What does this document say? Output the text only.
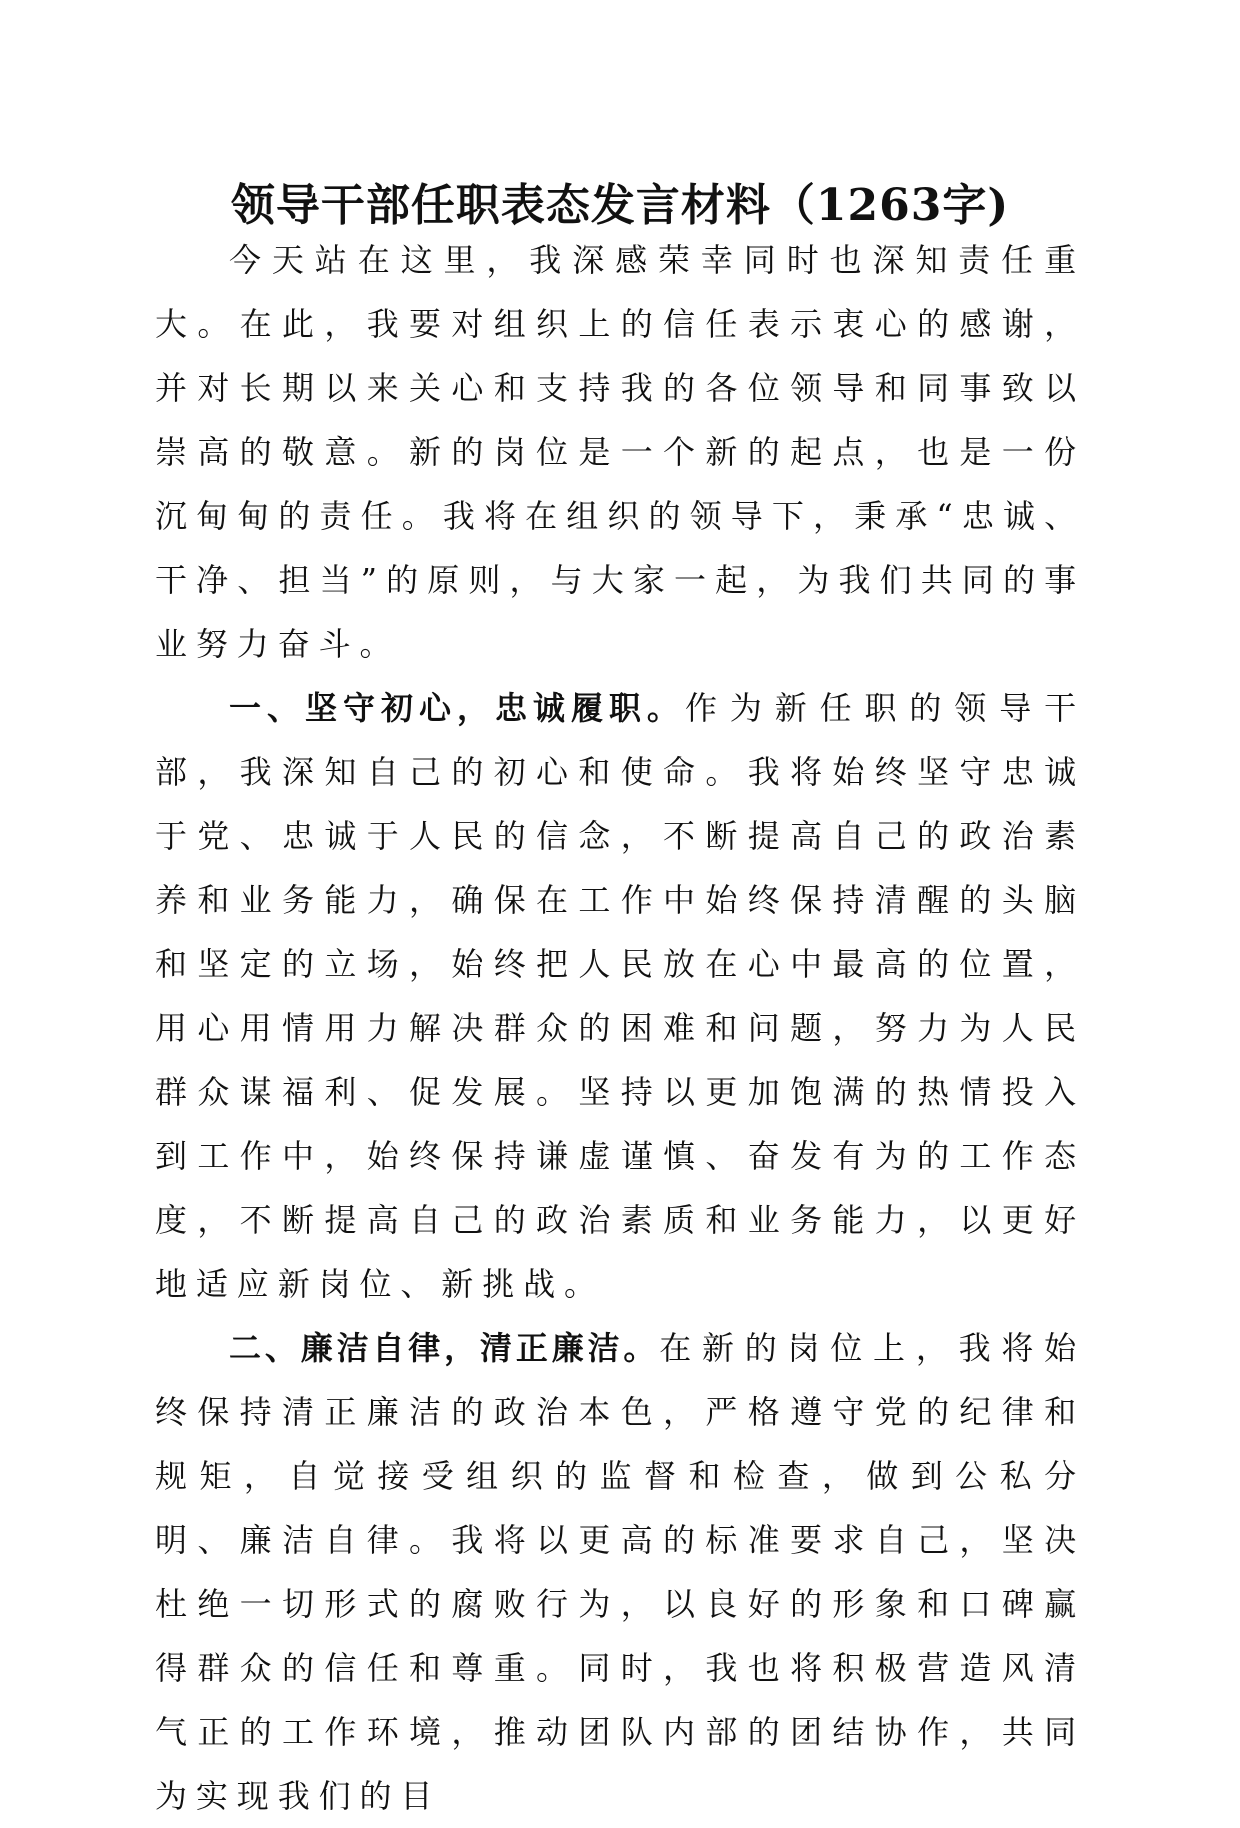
领导干部任职表态发言材料（1263字)

今天站在这里，我深感荣幸同时也深知责任重大。在此，我要对组织上的信任表示衷心的感谢，并对长期以来关心和支持我的各位领导和同事致以崇高的敬意。新的岗位是一个新的起点，也是一份沉甸甸的责任。我将在组织的领导下，秉承“忠诚、干净、担当”的原则，与大家一起，为我们共同的事业努力奋斗。

一、坚守初心，忠诚履职。作为新任职的领导干部，我深知自己的初心和使命。我将始终坚守忠诚于党、忠诚于人民的信念，不断提高自己的政治素养和业务能力，确保在工作中始终保持清醒的头脑和坚定的立场，始终把人民放在心中最高的位置，用心用情用力解决群众的困难和问题，努力为人民群众谋福利、促发展。坚持以更加饱满的热情投入到工作中，始终保持谦虚谨慎、奋发有为的工作态度，不断提高自己的政治素质和业务能力，以更好地适应新岗位、新挑战。

二、廉洁自律，清正廉洁。在新的岗位上，我将始终保持清正廉洁的政治本色，严格遵守党的纪律和规矩，自觉接受组织的监督和检查，做到公私分明、廉洁自律。我将以更高的标准要求自己，坚决杜绝一切形式的腐败行为，以良好的形象和口碑赢得群众的信任和尊重。同时，我也将积极营造风清气正的工作环境，推动团队内部的团结协作，共同为实现我们的目
